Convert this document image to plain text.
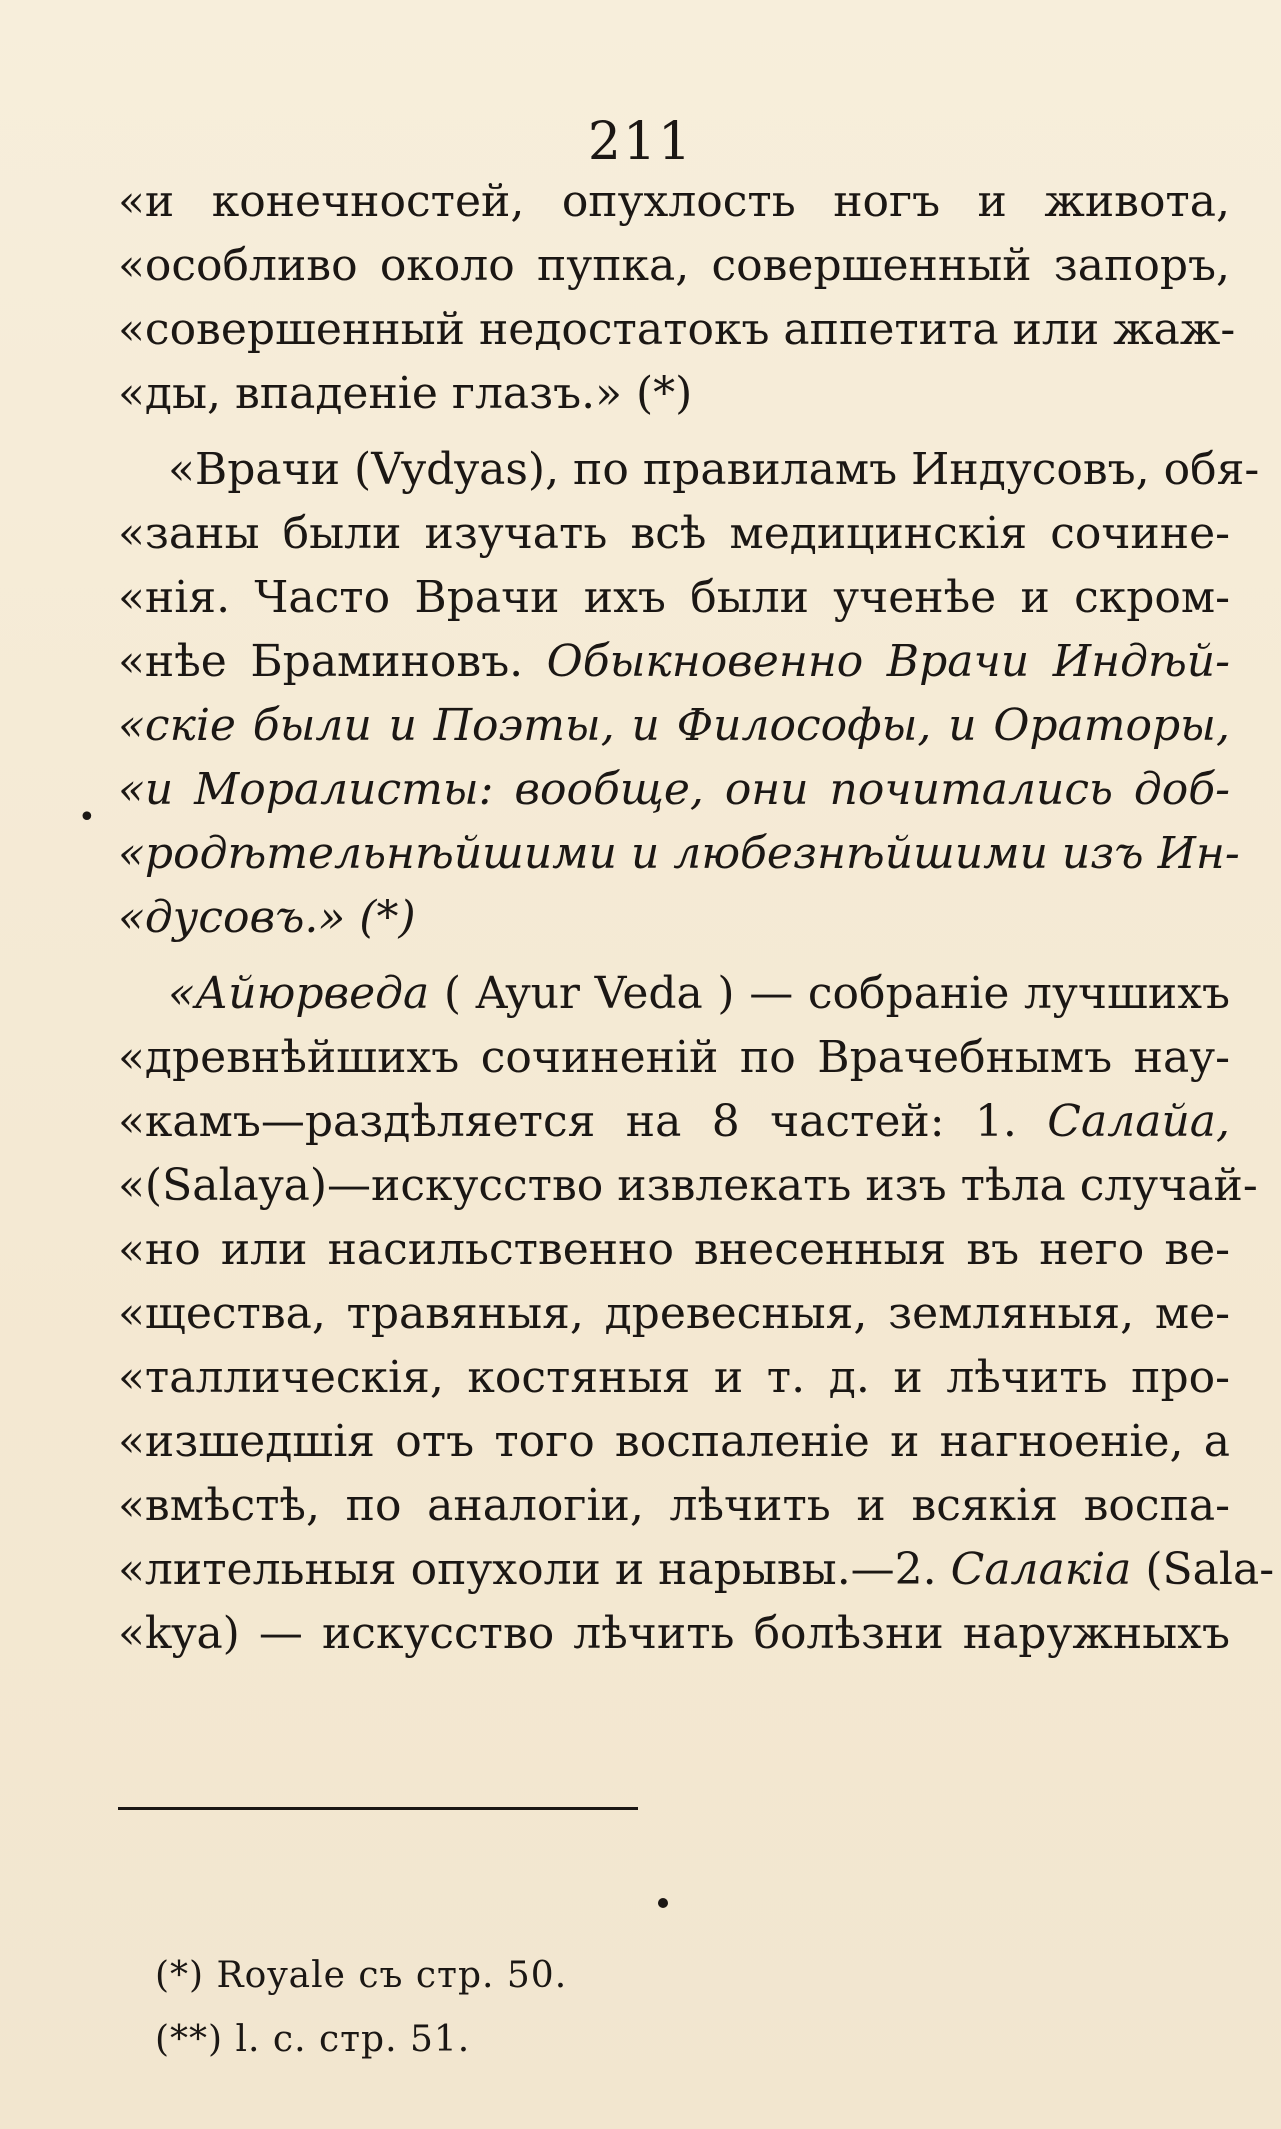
211
«и конечностей, опухлость ногъ и живота,
«особливо около пупка, совершенный запоръ,
«совершенный недостатокъ аппетита или жаж-
«ды, впаденіе глазъ.» (*)
«Врачи (Vydyas), по правиламъ Индусовъ, обя-
«заны были изучать всѣ медицинскія сочине-
«нія. Часто Врачи ихъ были ученѣе и скром-
«нѣе Браминовъ. Обыкновенно Врачи Индѣй-
•
«скіе были и Поэты, и Философы, и Ораторы,
«и Моралисты: вообще, они почитались доб-
«родѣтельнѣйшими и любезнѣйшими изъ Ин-
«дусовъ.» (*)
«Айюрведа ( Ayur Veda ) — собраніе лучшихъ
«древнѣйшихъ сочиненій по Врачебнымъ нау-
«камъ—раздѣляется на 8 частей: 1. Салайа,
«(Salaya)—искусство извлекать изъ тѣла случай-
«но или насильственно внесенныя въ него ве-
«щества, травяныя, древесныя, земляныя, ме-
«таллическія, костяныя и т. д. и лѣчить про-
«изшедшія отъ того воспаленіе и нагноеніе, а
«вмѣстѣ, по аналогіи, лѣчить и всякія воспа-
«лительныя опухоли и нарывы.—2. Салакіа (Sala-
«kya) — искусство лѣчить болѣзни наружныхъ
(*) Royale съ стр. 50.
(**) l. c. стр. 51.
